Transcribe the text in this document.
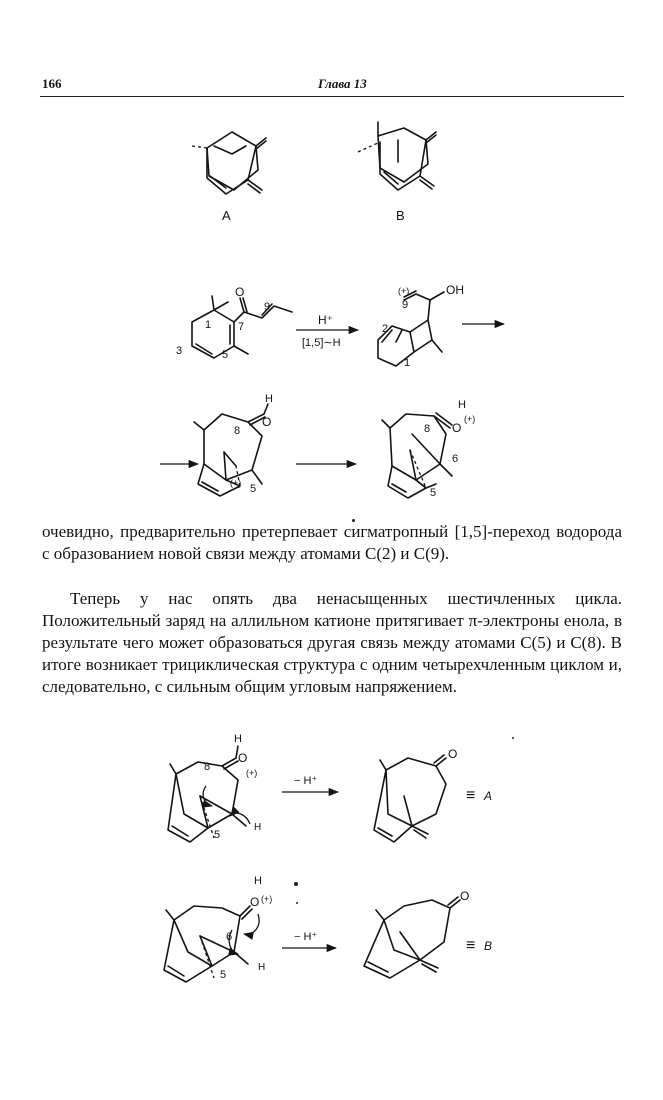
166	Глава 13
A	B
O
7
9
1
5
3
H⁺
[1,5]∼H
(+)
9
OH
2
1
H
O
8
(+) 5
H
O
(+)
8
6
5

очевидно, предварительно претерпевает сигматропный [1,5]-переход водорода с образованием новой связи между атомами C(2) и C(9).

Теперь у нас опять два ненасыщенных шестичленных цикла. Положительный заряд на аллильном катионе притягивает π-электроны енола, в результате чего может образоваться другая связь между атомами C(5) и C(8). В итоге возникает трициклическая структура с одним четырехчленным циклом и, следовательно, с сильным общим угловым напряжением.

H
O
(+)
8
5
H
− H⁺
O
≡ A
H
O (+)
6
5
H
− H⁺
O
≡ B
